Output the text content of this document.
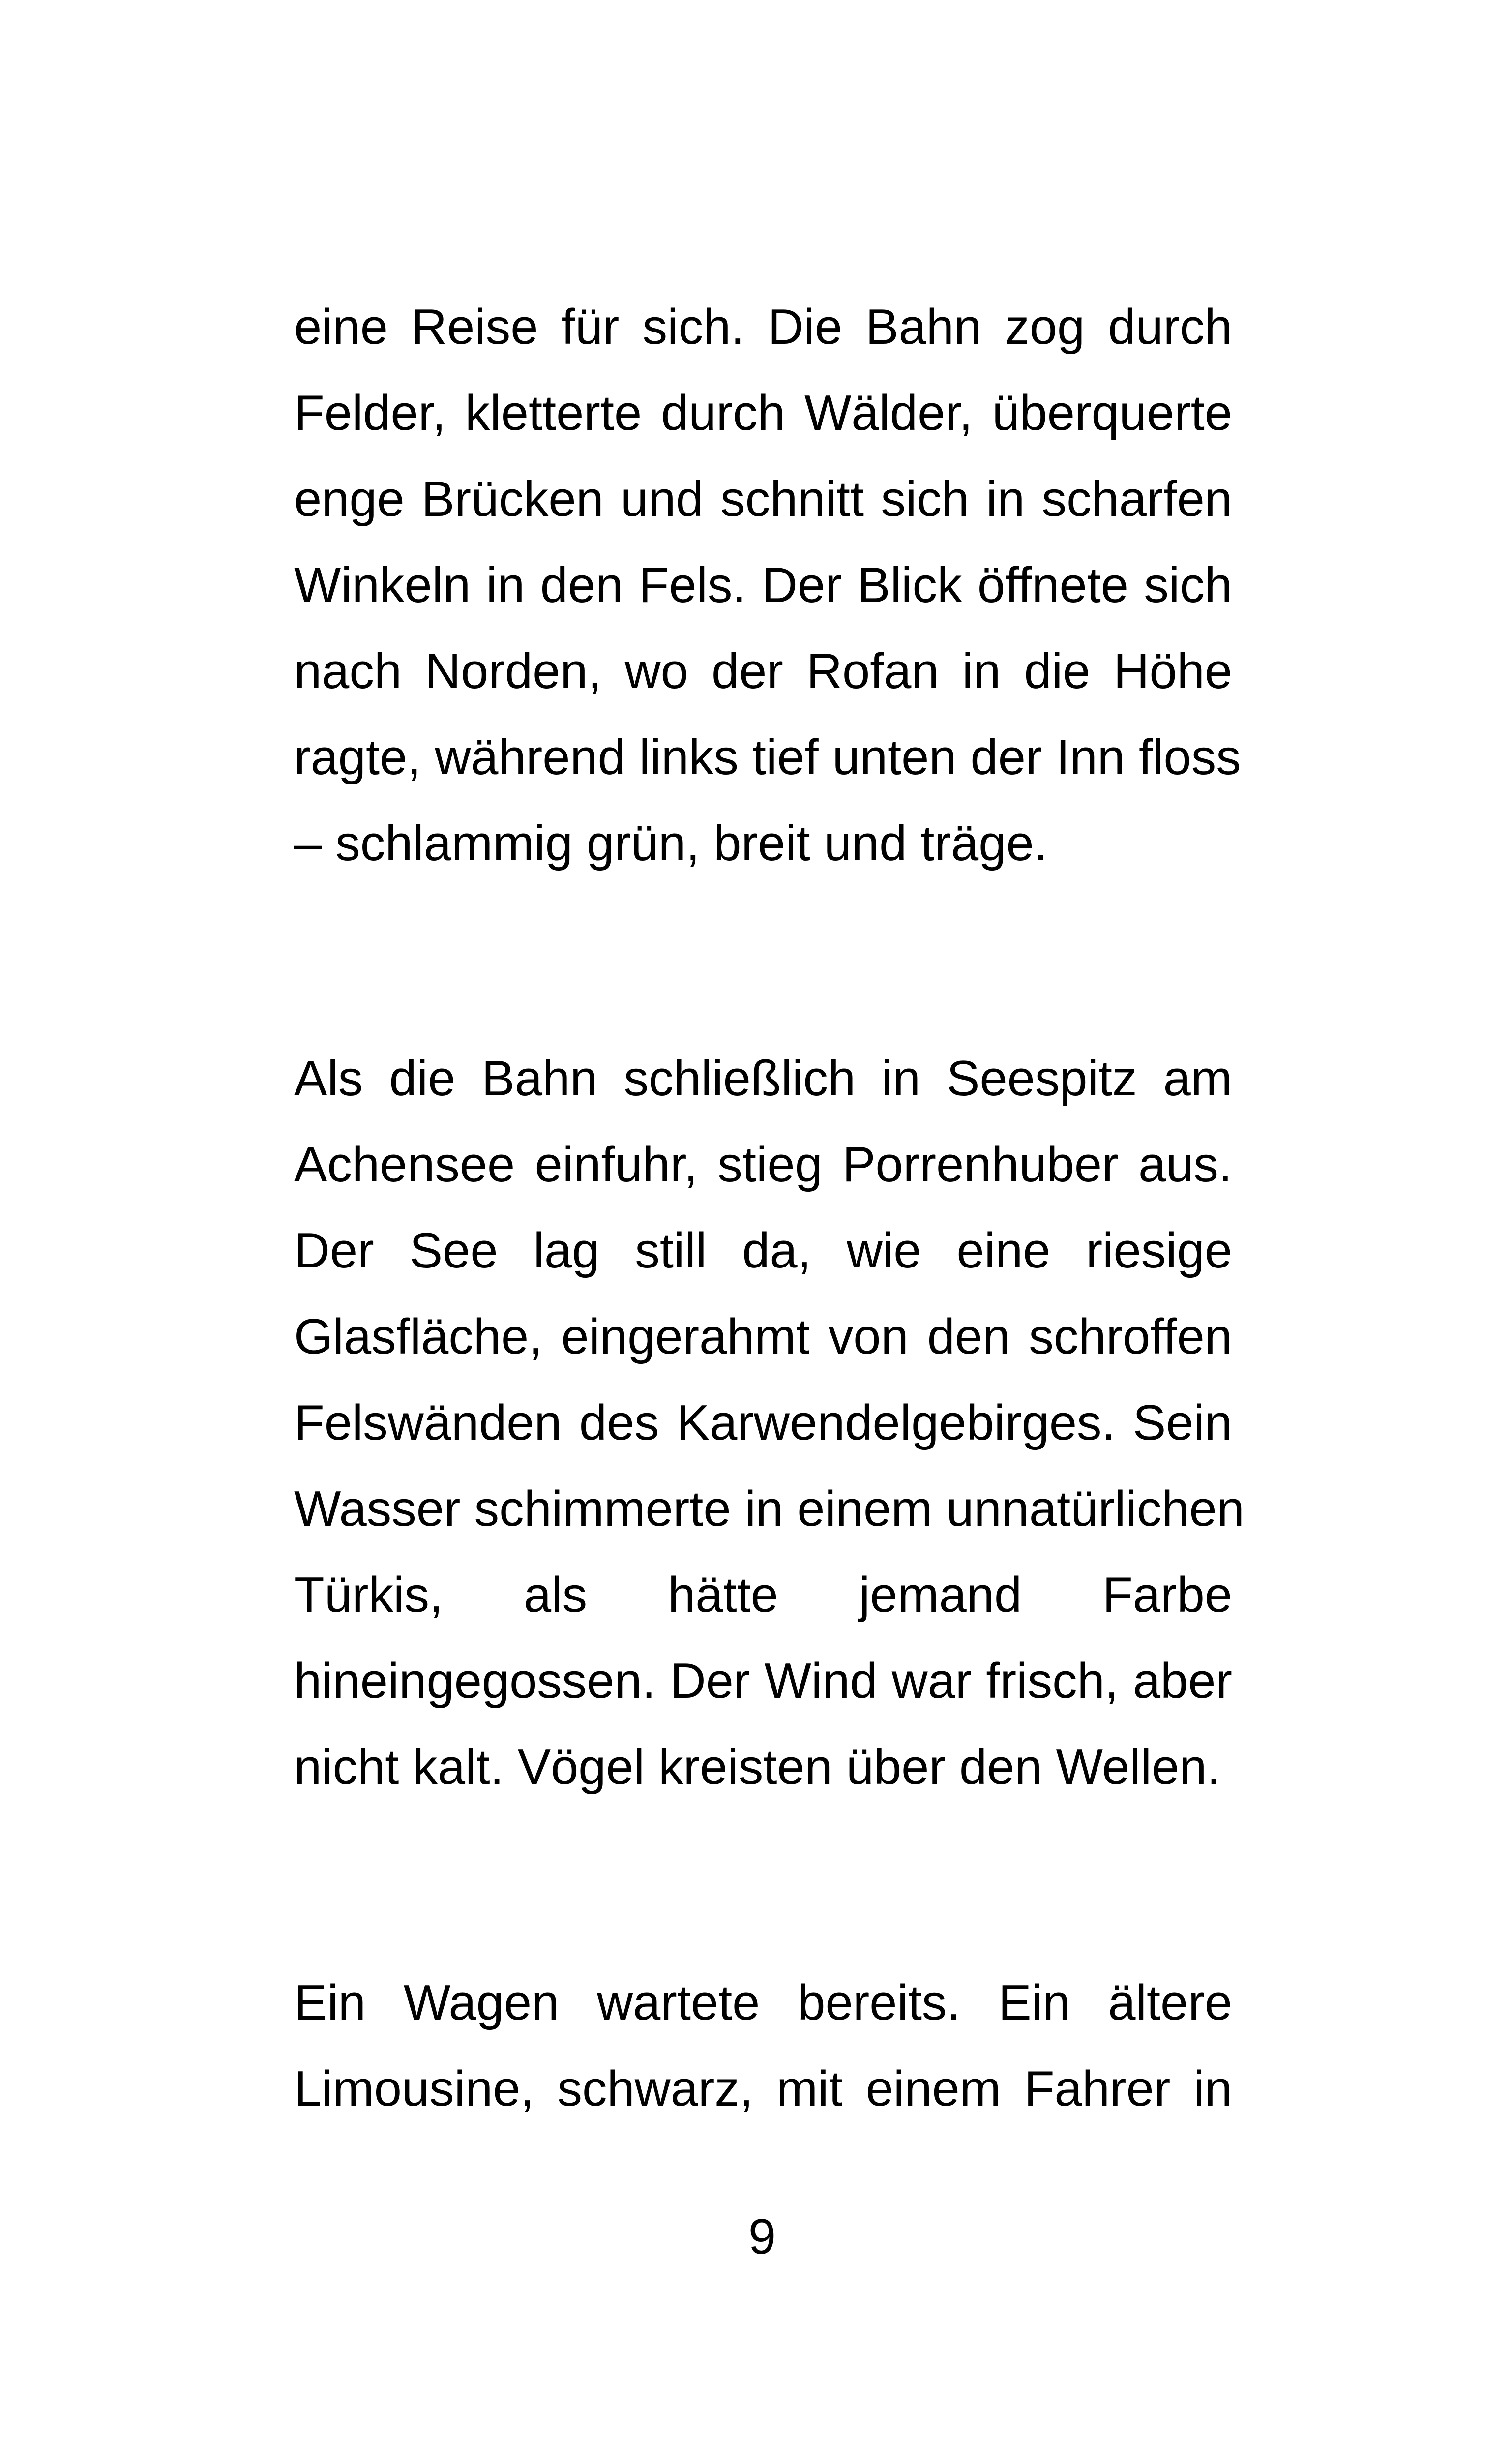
eine Reise für sich. Die Bahn zog durch
Felder, kletterte durch Wälder, überquerte
enge Brücken und schnitt sich in scharfen
Winkeln in den Fels. Der Blick öffnete sich
nach Norden, wo der Rofan in die Höhe
ragte, während links tief unten der Inn floss
– schlammig grün, breit und träge.
Als die Bahn schließlich in Seespitz am
Achensee einfuhr, stieg Porrenhuber aus.
Der See lag still da, wie eine riesige
Glasfläche, eingerahmt von den schroffen
Felswänden des Karwendelgebirges. Sein
Wasser schimmerte in einem unnatürlichen
Türkis, als hätte jemand Farbe
hineingegossen. Der Wind war frisch, aber
nicht kalt. Vögel kreisten über den Wellen.
Ein Wagen wartete bereits. Ein ältere
Limousine, schwarz, mit einem Fahrer in
9
